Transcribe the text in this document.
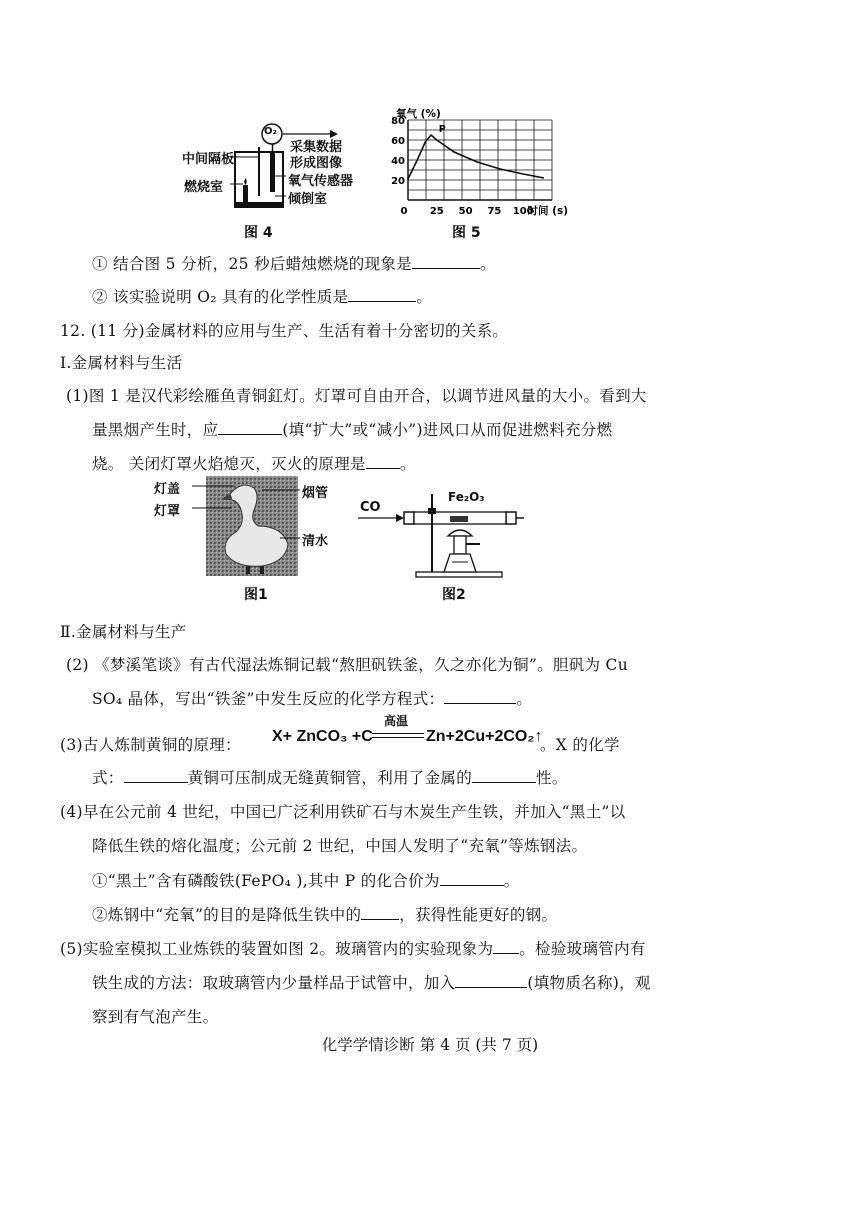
O₂
中间隔板
燃烧室
采集数据
形成图像
氧气传感器
倾倒室
图 4
20
40
60
80
0 25 50 75 100
时间 (s)
氧气 (%)
P
图 5
① 结合图 5 分析，25 秒后蜡烛燃烧的现象是	。
② 该实验说明 O₂ 具有的化学性质是	。
12. (11 分)金属材料的应用与生产、生活有着十分密切的关系。
I.金属材料与生活
(1)图 1 是汉代彩绘雁鱼青铜釭灯。灯罩可自由开合，以调节进风量的大小。看到大
量黑烟产生时，应	(填“扩大”或“减小”)进风口从而促进燃料充分燃
烧。 关闭灯罩火焰熄灭，灭火的原理是 。
灯盖
灯罩
烟管
清水
图1
CO
Fe₂O₃
图2
Ⅱ.金属材料与生产
(2) 《梦溪笔谈》有古代湿法炼铜记载“熬胆矾铁釜，久之亦化为铜”。胆矾为 Cu
SO₄ 晶体，写出“铁釜”中发生反应的化学方程式：	。
(3)古人炼制黄铜的原理： X+ ZnCO₃ +C
高温
Zn+2Cu+2CO₂↑
。X 的化学
式：	黄铜可压制成无缝黄铜管，利用了金属的	性。
(4)早在公元前 4 世纪，中国已广泛利用铁矿石与木炭生产生铁，并加入“黑土”以
降低生铁的熔化温度；公元前 2 世纪，中国人发明了“充氧”等炼钢法。
①“黑土”含有磷酸铁(FePO₄ ),其中 P 的化合价为	。
②炼钢中“充氧”的目的是降低生铁中的 ，获得性能更好的钢。
(5)实验室模拟工业炼铁的装置如图 2。玻璃管内的实验现象为 。检验玻璃管内有
铁生成的方法：取玻璃管内少量样品于试管中，加入	(填物质名称)，观
察到有气泡产生。
化学学情诊断 第 4 页 (共 7 页)
